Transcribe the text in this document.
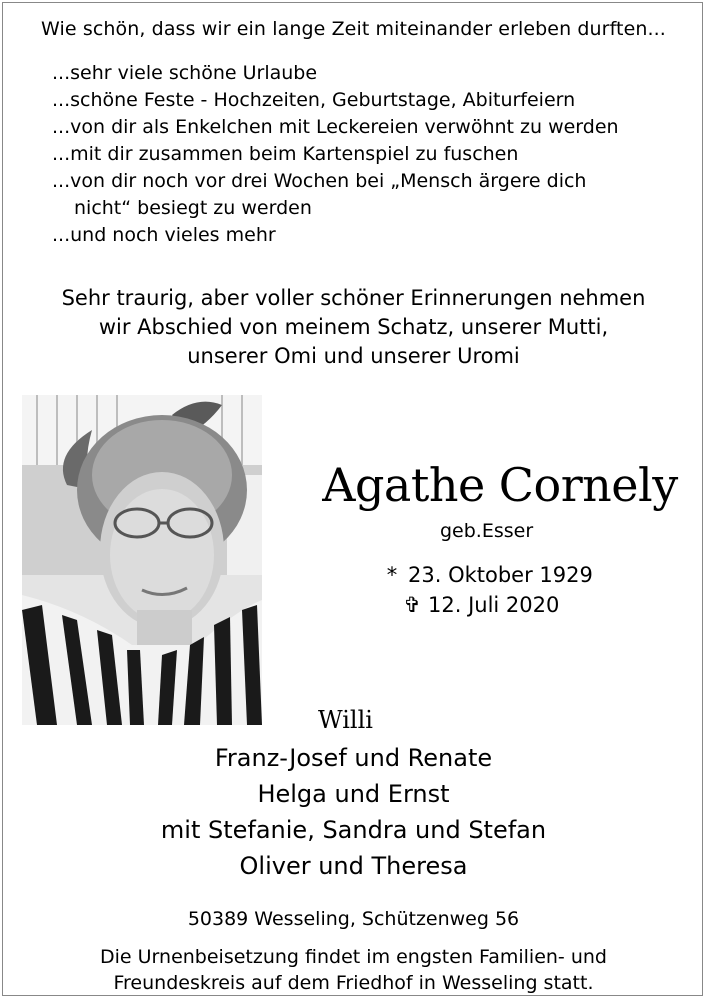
Wie schön, dass wir ein lange Zeit miteinander erleben durften...
...sehr viele schöne Urlaube
...schöne Feste - Hochzeiten, Geburtstage, Abiturfeiern
...von dir als Enkelchen mit Leckereien verwöhnt zu werden
...mit dir zusammen beim Kartenspiel zu fuschen
...von dir noch vor drei Wochen bei „Mensch ärgere dich
nicht“ besiegt zu werden
...und noch vieles mehr
Sehr traurig, aber voller schöner Erinnerungen nehmen
wir Abschied von meinem Schatz, unserer Mutti,
unserer Omi und unserer Uromi
Agathe Cornely
geb.Esser
* 23. Oktober 1929
✞ 12. Juli 2020
Willi
Franz-Josef und Renate
Helga und Ernst
mit Stefanie, Sandra und Stefan
Oliver und Theresa
50389 Wesseling, Schützenweg 56
Die Urnenbeisetzung findet im engsten Familien- und
Freundeskreis auf dem Friedhof in Wesseling statt.
